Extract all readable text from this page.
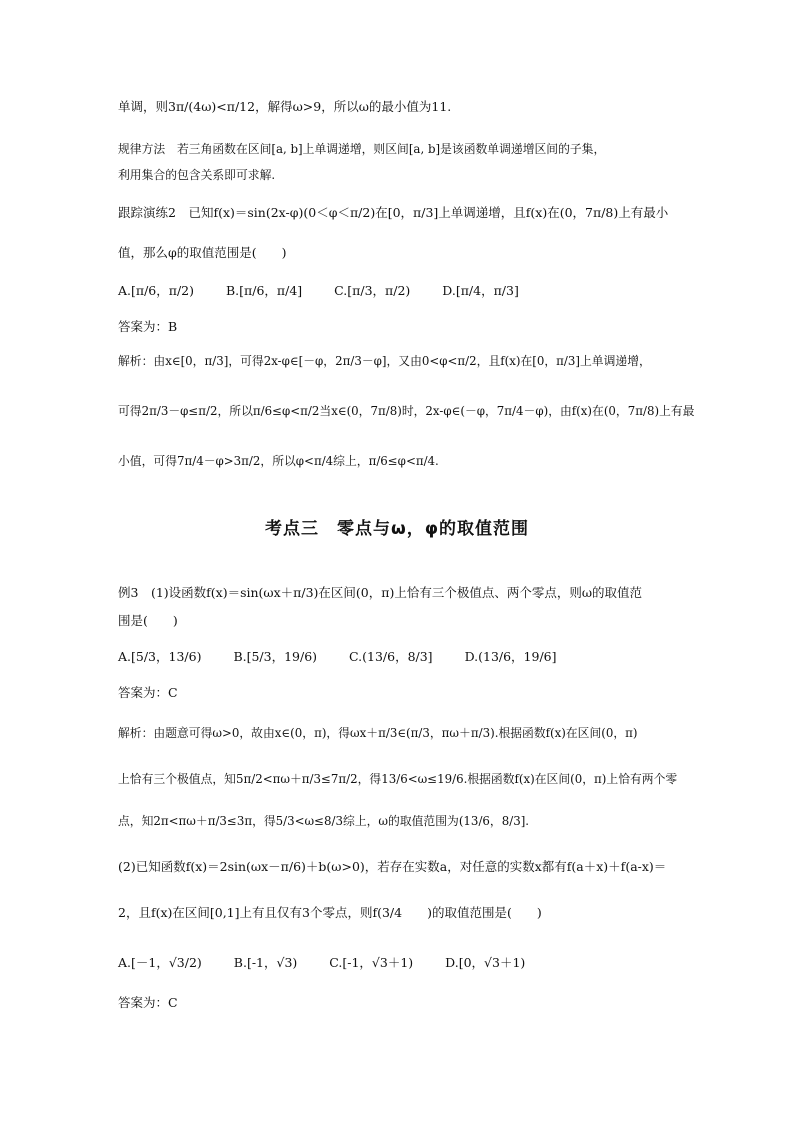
单调，则3π/(4ω)<π/12，解得ω>9，所以ω的最小值为11.
规律方法　若三角函数在区间[a, b]上单调递增，则区间[a, b]是该函数单调递增区间的子集，
利用集合的包含关系即可求解.
跟踪演练2　已知f(x)＝sin(2x-φ)(0＜φ＜π/2)在[0，π/3]上单调递增，且f(x)在(0，7π/8)上有最小
值，那么φ的取值范围是(　　)
A.[π/6，π/2)	B.[π/6，π/4]	C.[π/3，π/2)	D.[π/4，π/3]
答案为：B
解析：由x∈[0，π/3]，可得2x-φ∈[－φ，2π/3－φ]，又由0<φ<π/2，且f(x)在[0，π/3]上单调递增，
可得2π/3－φ≤π/2，所以π/6≤φ<π/2当x∈(0，7π/8)时，2x-φ∈(－φ，7π/4－φ)，由f(x)在(0，7π/8)上有最
小值，可得7π/4－φ>3π/2，所以φ<π/4综上，π/6≤φ<π/4.
考点三　零点与ω，φ的取值范围
例3　(1)设函数f(x)＝sin(ωx＋π/3)在区间(0，π)上恰有三个极值点、两个零点，则ω的取值范
围是(　　)
A.[5/3，13/6)	B.[5/3，19/6)	C.(13/6，8/3]	D.(13/6，19/6]
答案为：C
解析：由题意可得ω>0，故由x∈(0，π)，得ωx＋π/3∈(π/3，πω＋π/3).根据函数f(x)在区间(0，π)
上恰有三个极值点，知5π/2<πω＋π/3≤7π/2，得13/6<ω≤19/6.根据函数f(x)在区间(0，π)上恰有两个零
点，知2π<πω＋π/3≤3π，得5/3<ω≤8/3综上，ω的取值范围为(13/6，8/3].
(2)已知函数f(x)＝2sin(ωx－π/6)＋b(ω>0)，若存在实数a，对任意的实数x都有f(a＋x)＋f(a-x)＝
2，且f(x)在区间[0,1]上有且仅有3个零点，则f(3/4　　)的取值范围是(　　)
A.[－1，√3/2)	B.[-1，√3)	C.[-1，√3＋1)	D.[0，√3＋1)
答案为：C
